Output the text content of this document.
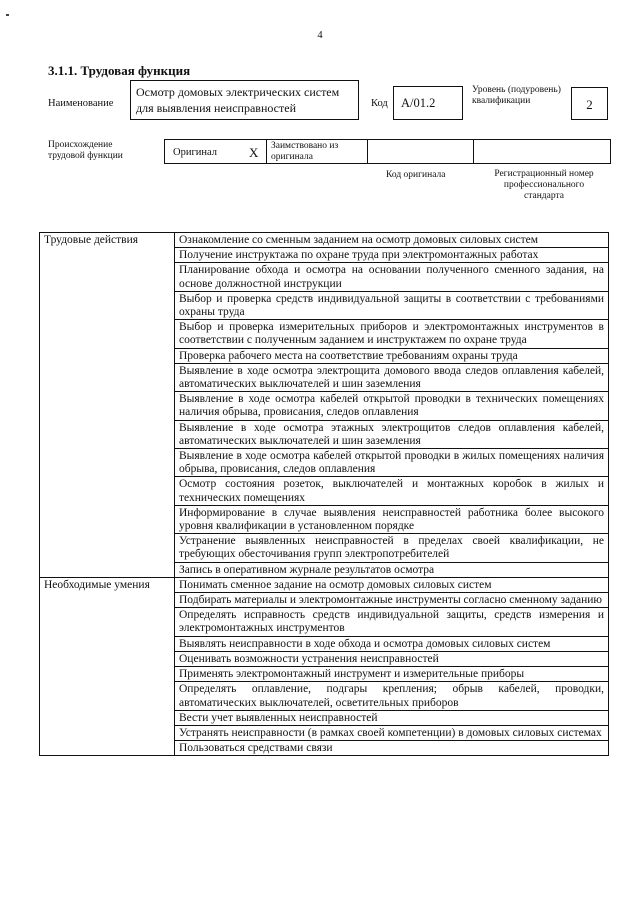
4
3.1.1. Трудовая функция
Наименование
Осмотр домовых электрических систем для выявления неисправностей	Код A/01.2
Уровень (подуровень) квалификации	2
Происхождение трудовой функции	Оригинал X Заимствовано из оригинала
Код оригинала	Регистрационный номер профессионального стандарта
Трудовые действия	Ознакомление со сменным заданием на осмотр домовых силовых систем
	Получение инструктажа по охране труда при электромонтажных работах
	Планирование обхода и осмотра на основании полученного сменного задания, на основе должностной инструкции
	Выбор и проверка средств индивидуальной защиты в соответствии с требованиями охраны труда
	Выбор и проверка измерительных приборов и электромонтажных инструментов в соответствии с полученным заданием и инструктажем по охране труда
	Проверка рабочего места на соответствие требованиям охраны труда
	Выявление в ходе осмотра электрощита домового ввода следов оплавления кабелей, автоматических выключателей и шин заземления
	Выявление в ходе осмотра кабелей открытой проводки в технических помещениях наличия обрыва, провисания, следов оплавления
	Выявление в ходе осмотра этажных электрощитов следов оплавления кабелей, автоматических выключателей и шин заземления
	Выявление в ходе осмотра кабелей открытой проводки в жилых помещениях наличия обрыва, провисания, следов оплавления
	Осмотр состояния розеток, выключателей и монтажных коробок в жилых и технических помещениях
	Информирование в случае выявления неисправностей работника более высокого уровня квалификации в установленном порядке
	Устранение выявленных неисправностей в пределах своей квалификации, не требующих обесточивания групп электропотребителей
	Запись в оперативном журнале результатов осмотра
Необходимые умения	Понимать сменное задание на осмотр домовых силовых систем
	Подбирать материалы и электромонтажные инструменты согласно сменному заданию
	Определять исправность средств индивидуальной защиты, средств измерения и электромонтажных инструментов
	Выявлять неисправности в ходе обхода и осмотра домовых силовых систем
	Оценивать возможности устранения неисправностей
	Применять электромонтажный инструмент и измерительные приборы
	Определять оплавление, подгары крепления; обрыв кабелей, проводки, автоматических выключателей, осветительных приборов
	Вести учет выявленных неисправностей
	Устранять неисправности (в рамках своей компетенции) в домовых силовых системах
	Пользоваться средствами связи
